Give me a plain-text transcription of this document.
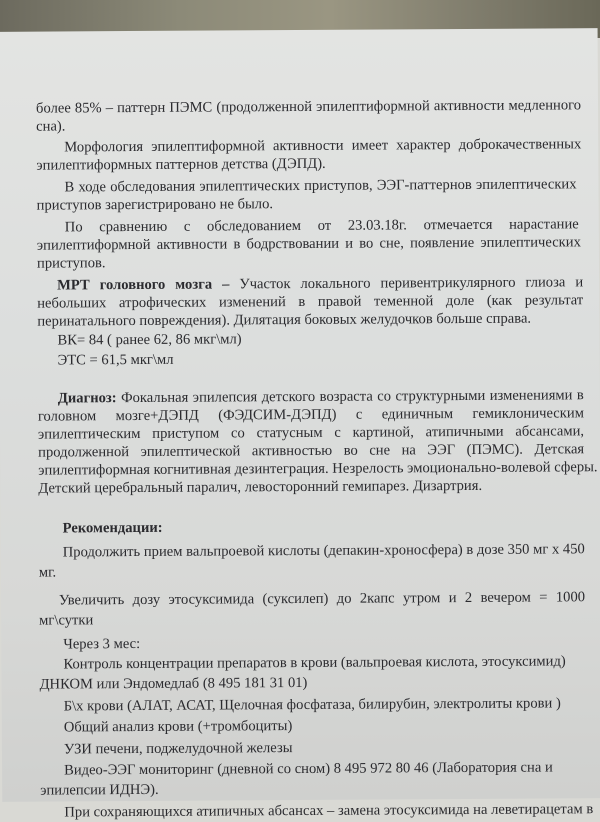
более 85% – паттерн ПЭМС (продолженной эпилептиформной активности медленного
сна).
Морфология эпилептиформной активности имеет характер доброкачественных
эпилептиформных паттернов детства (ДЭПД).
В ходе обследования эпилептических приступов, ЭЭГ-паттернов эпилептических
приступов зарегистрировано не было.
По сравнению с обследованием от 23.03.18г. отмечается нарастание
эпилептиформной активности в бодрствовании и во сне, появление эпилептических
приступов.
МРТ головного мозга – Участок локального перивентрикулярного глиоза и
небольших атрофических изменений в правой теменной доле (как результат
перинатального повреждения). Дилятация боковых желудочков больше справа.
ВК= 84 ( ранее 62, 86 мкг\мл)
ЭТС = 61,5 мкг\мл
Диагноз: Фокальная эпилепсия детского возраста со структурными изменениями в
головном мозге+ДЭПД (ФЭДСИМ-ДЭПД) с единичным гемиклоническим
эпилептическим приступом со статусным с картиной, атипичными абсансами,
продолженной эпилептической активностью во сне на ЭЭГ (ПЭМС). Детская
эпилептиформная когнитивная дезинтеграция. Незрелость эмоционально-волевой сферы.
Детский церебральный паралич, левосторонний гемипарез. Дизартрия.
Рекомендации:
Продолжить прием вальпроевой кислоты (депакин-хроносфера) в дозе 350 мг х 450
мг.
Увеличить дозу этосуксимида (суксилеп) до 2капс утром и 2 вечером = 1000
мг\сутки
Через 3 мес:
Контроль концентрации препаратов в крови (вальпроевая кислота, этосуксимид)
ДНКОМ или Эндомедлаб (8 495 181 31 01)
Б\х крови (АЛАТ, АСАТ, Щелочная фосфатаза, билирубин, электролиты крови )
Общий анализ крови (+тромбоциты)
УЗИ печени, поджелудочной железы
Видео-ЭЭГ мониторинг (дневной со сном) 8 495 972 80 46 (Лаборатория сна и
эпилепсии ИДНЭ).
При сохраняющихся атипичных абсансах – замена этосуксимида на леветирацетам в
